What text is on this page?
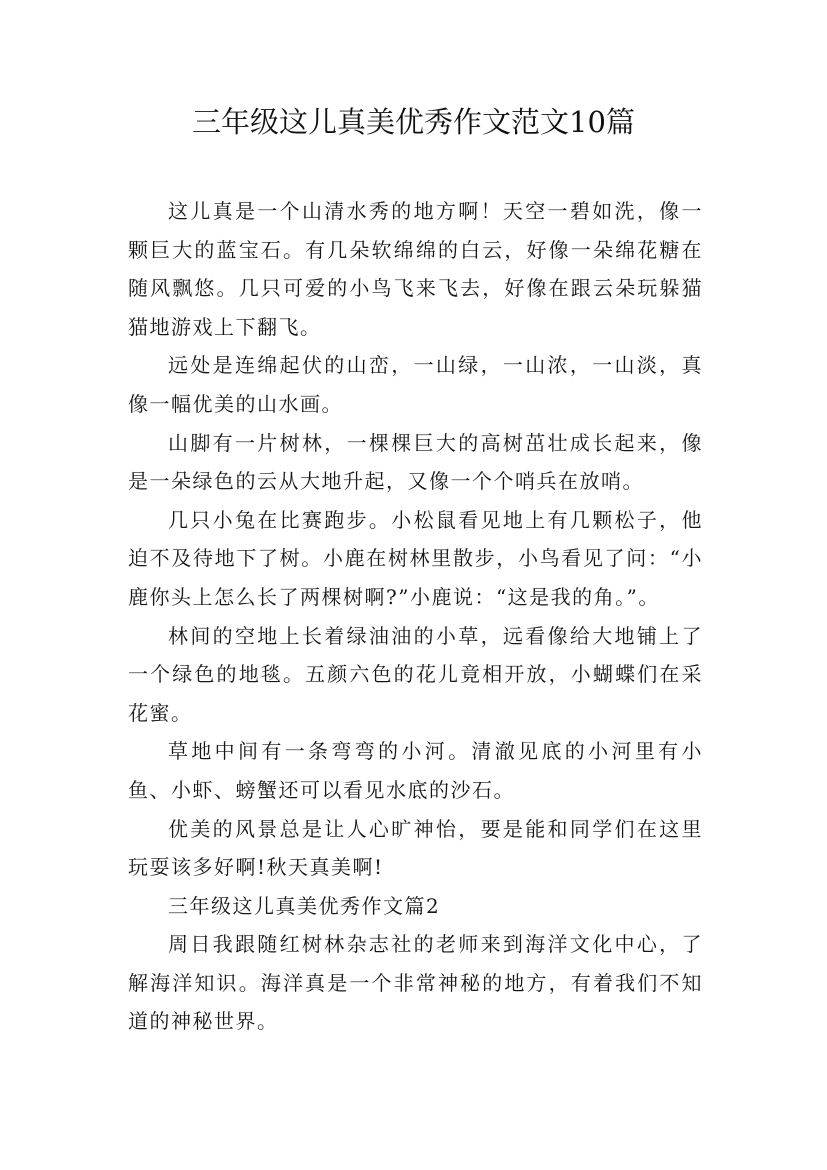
三年级这儿真美优秀作文范文10篇

这儿真是一个山清水秀的地方啊！天空一碧如洗，像一颗巨大的蓝宝石。有几朵软绵绵的白云，好像一朵绵花糖在随风飘悠。几只可爱的小鸟飞来飞去，好像在跟云朵玩躲猫猫地游戏上下翻飞。

远处是连绵起伏的山峦，一山绿，一山浓，一山淡，真像一幅优美的山水画。

山脚有一片树林，一棵棵巨大的高树茁壮成长起来，像是一朵绿色的云从大地升起，又像一个个哨兵在放哨。

几只小兔在比赛跑步。小松鼠看见地上有几颗松子，他迫不及待地下了树。小鹿在树林里散步，小鸟看见了问：“小鹿你头上怎么长了两棵树啊?”小鹿说：“这是我的角。”。

林间的空地上长着绿油油的小草，远看像给大地铺上了一个绿色的地毯。五颜六色的花儿竟相开放，小蝴蝶们在采花蜜。

草地中间有一条弯弯的小河。清澈见底的小河里有小鱼、小虾、螃蟹还可以看见水底的沙石。

优美的风景总是让人心旷神怡，要是能和同学们在这里玩耍该多好啊!秋天真美啊!

三年级这儿真美优秀作文篇2

周日我跟随红树林杂志社的老师来到海洋文化中心，了解海洋知识。海洋真是一个非常神秘的地方，有着我们不知道的神秘世界。
